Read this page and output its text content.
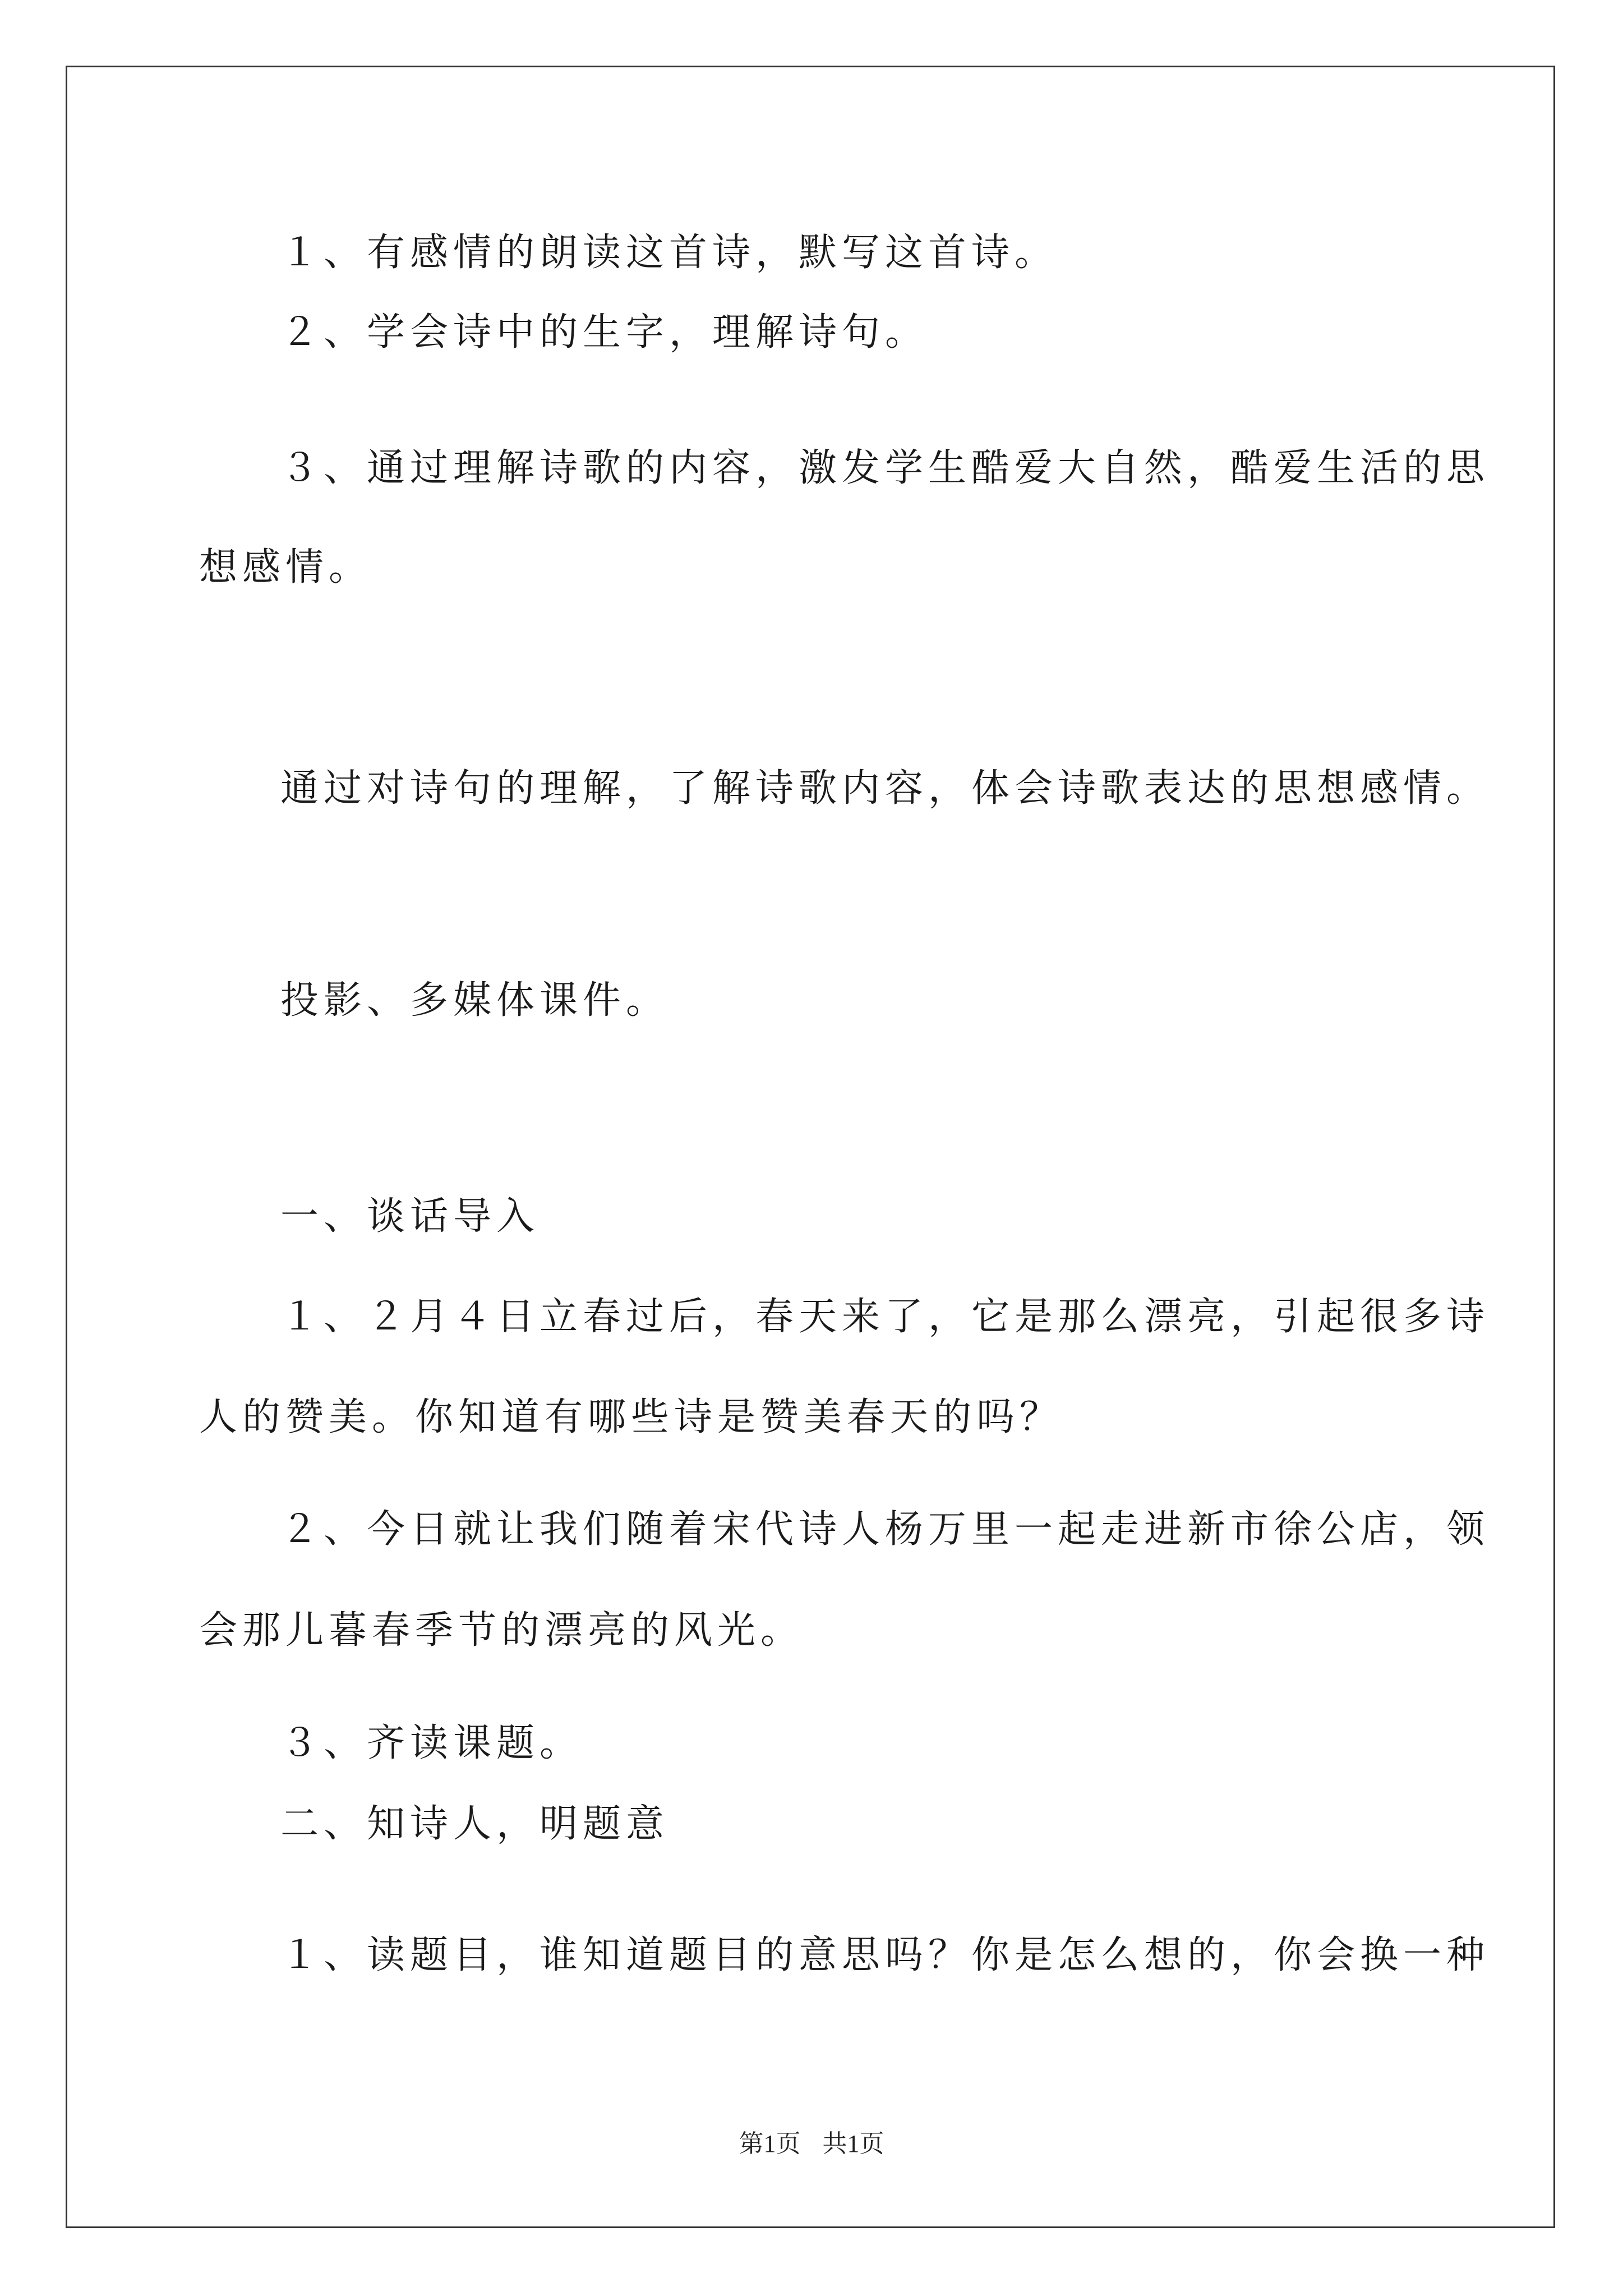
１、有感情的朗读这首诗，默写这首诗。
２、学会诗中的生字，理解诗句。
３、通过理解诗歌的内容，激发学生酷爱大自然，酷爱生活的思
想感情。
通过对诗句的理解，了解诗歌内容，体会诗歌表达的思想感情。
投影、多媒体课件。
一、谈话导入
１、２月４日立春过后，春天来了，它是那么漂亮，引起很多诗
人的赞美。你知道有哪些诗是赞美春天的吗？
２、今日就让我们随着宋代诗人杨万里一起走进新市徐公店，领
会那儿暮春季节的漂亮的风光。
３、齐读课题。
二、知诗人，明题意
１、读题目，谁知道题目的意思吗？你是怎么想的，你会换一种
第1页 共1页
